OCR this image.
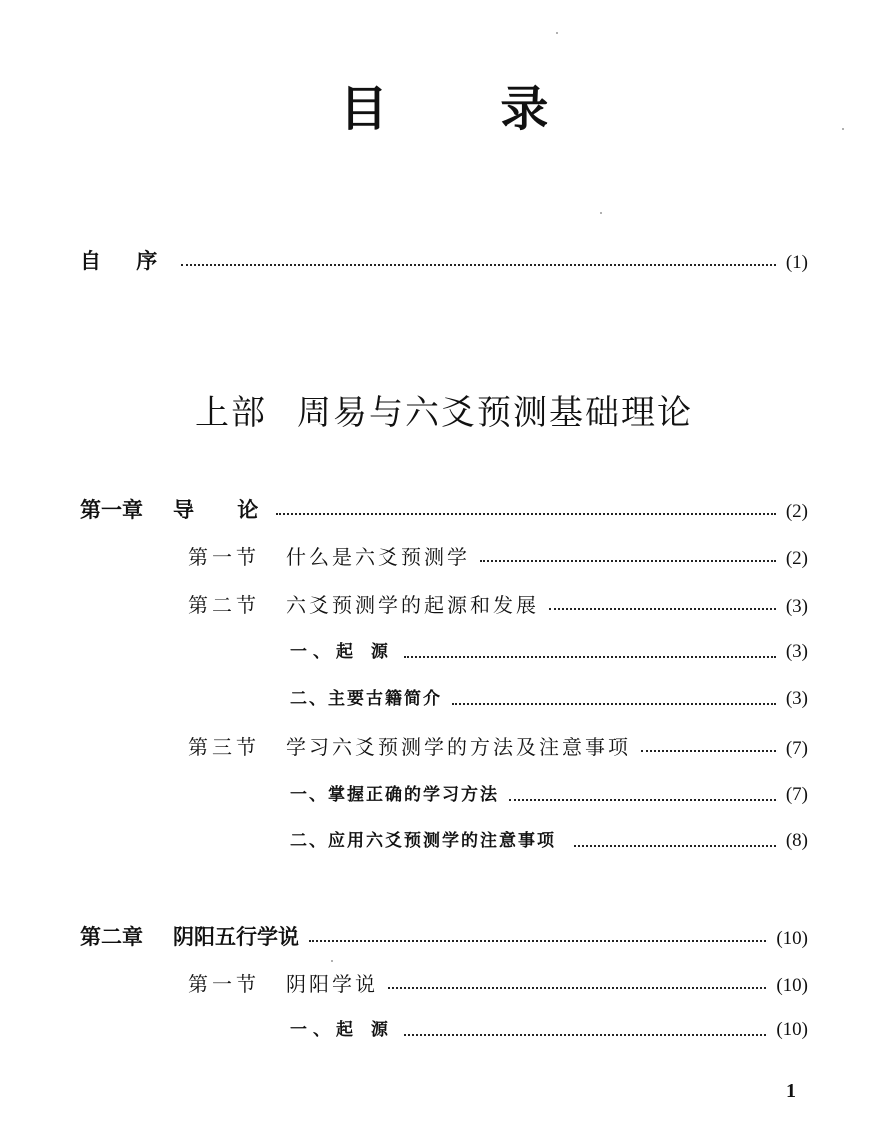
目 录
自 序	(1)
上部 周易与六爻预测基础理论
第一章 导 论	(2)
第一节 什么是六爻预测学	(2)
第二节 六爻预测学的起源和发展	(3)
一、起 源	(3)
二、主要古籍简介	(3)
第三节 学习六爻预测学的方法及注意事项	(7)
一、掌握正确的学习方法	(7)
二、应用六爻预测学的注意事项	(8)
第二章 阴阳五行学说	(10)
第一节 阴阳学说	(10)
一、起 源	(10)
1
